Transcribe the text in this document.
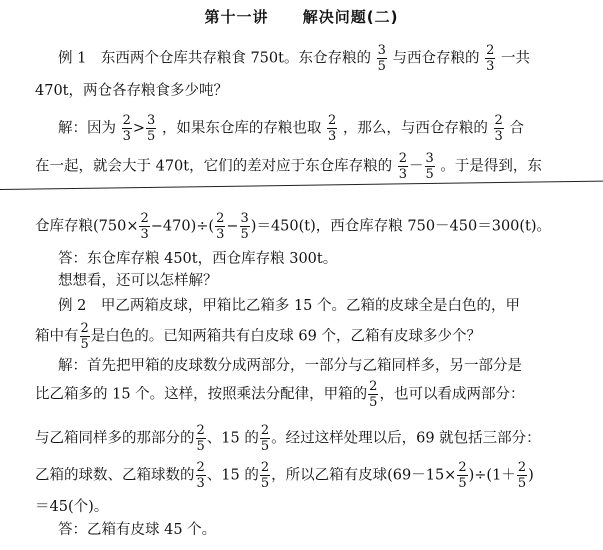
第十一讲 解决问题(二)
例 1　东西两个仓库共存粮食 750t。东仓存粮的 $\frac{3}{5}$ 与西仓存粮的 $\frac{2}{3}$ 一共
470t，两仓各存粮食多少吨？
解：因为 $\frac{2}{3} > \frac{3}{5}$ ，如果东仓库的存粮也取 $\frac{2}{3}$ ，那么，与西仓存粮的 $\frac{2}{3}$ 合
在一起，就会大于 470t，它们的差对应于东仓库存粮的 $\frac{2}{3} - \frac{3}{5}$ 。于是得到，东
仓库存粮$(750\times \frac{2}{3} -470)\div( \frac{2}{3} - \frac{3}{5} )=450(t)$，西仓库存粮 750－450＝300(t)。
答：东仓库存粮 450t，西仓库存粮 300t。
想想看，还可以怎样解？
例 2　甲乙两箱皮球，甲箱比乙箱多 15 个。乙箱的皮球全是白色的，甲
箱中有 $\frac{2}{5}$ 是白色的。已知两箱共有白皮球 69 个，乙箱有皮球多少个？
解：首先把甲箱的皮球数分成两部分，一部分与乙箱同样多，另一部分是
比乙箱多的 15 个。这样，按照乘法分配律，甲箱的 $\frac{2}{5}$ ，也可以看成两部分：
与乙箱同样多的那部分的 $\frac{2}{5}$ 、15 的 $\frac{2}{5}$ 。经过这样处理以后，69 就包括三部分：
乙箱的球数、乙箱球数的 $\frac{2}{3}$ 、15 的 $\frac{2}{5}$ ，所以乙箱有皮球$(69-15\times \frac{2}{5} )\div(1+ \frac{2}{5}$ )
＝45(个)。
答：乙箱有皮球 45 个。
